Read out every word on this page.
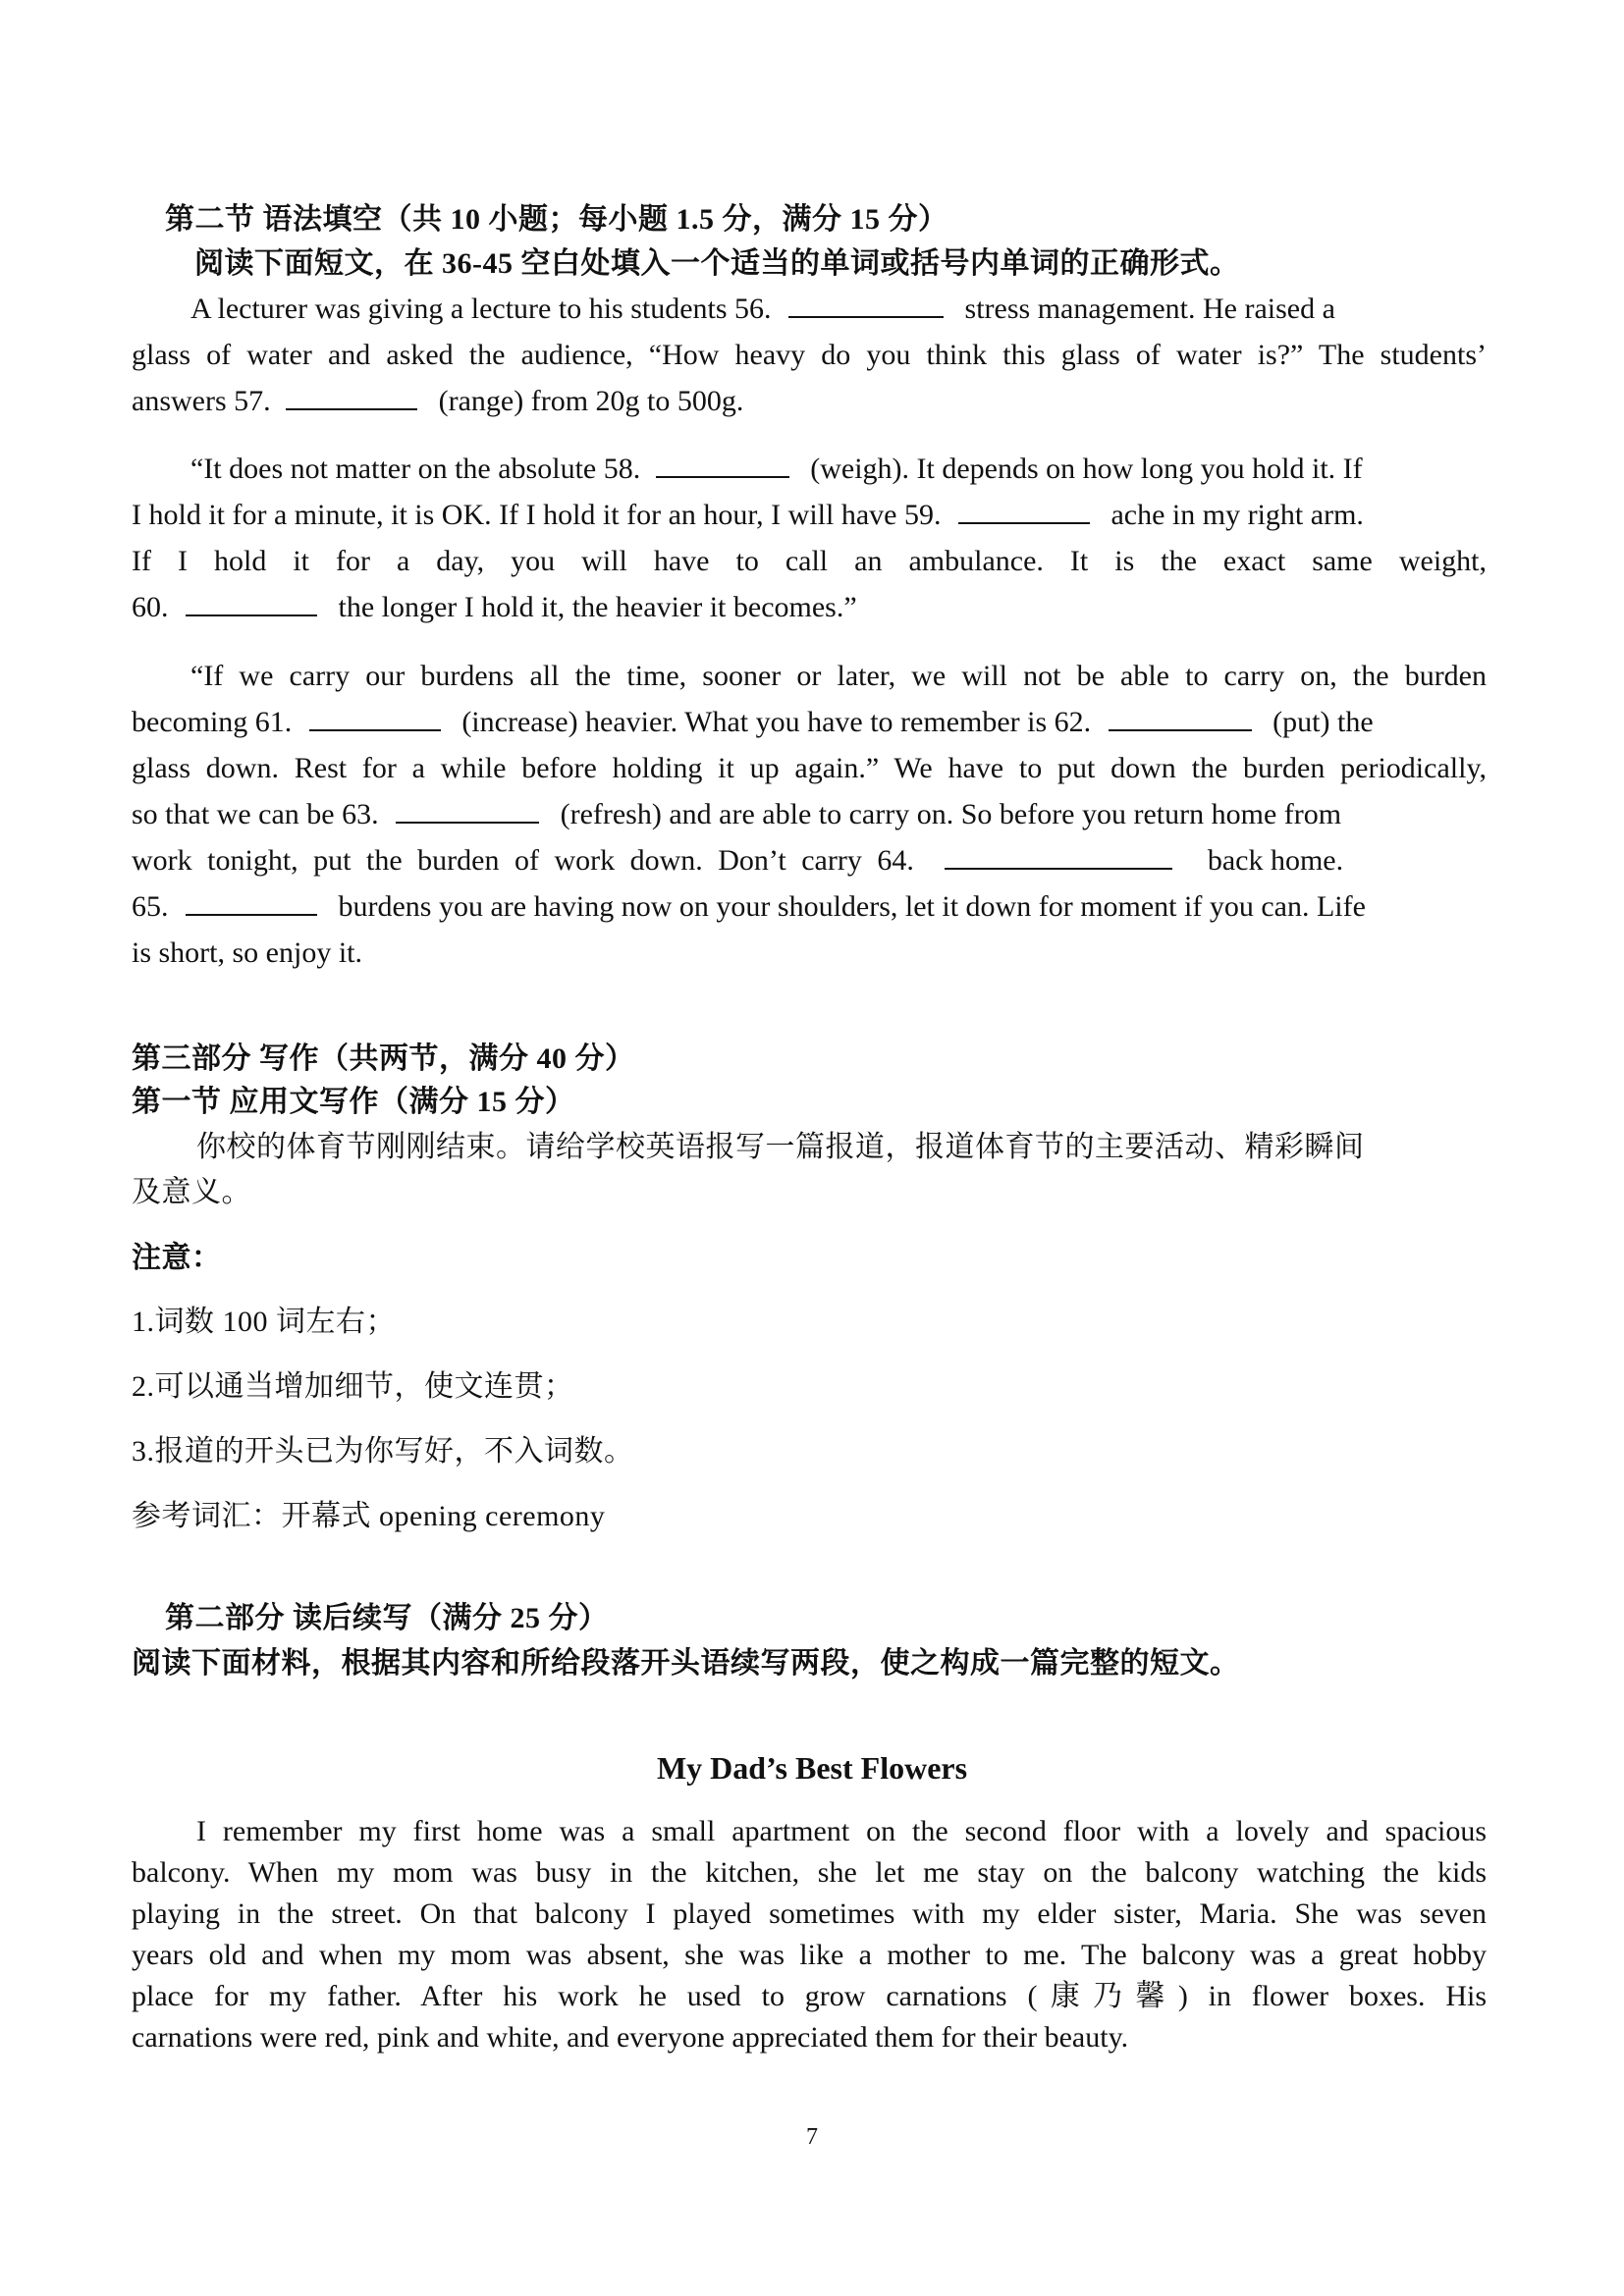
第二节 语法填空（共 10 小题；每小题 1.5 分，满分 15 分）
阅读下面短文，在 36-45 空白处填入一个适当的单词或括号内单词的正确形式。
A lecturer was giving a lecture to his students 56.	stress management. He raised a
glass of water and asked the audience, “How heavy do you think this glass of water is?” The students’
answers 57.	(range) from 20g to 500g.
“It does not matter on the absolute 58.	(weigh). It depends on how long you hold it. If
I hold it for a minute, it is OK. If I hold it for an hour, I will have 59.	ache in my right arm.
If I hold it for a day, you will have to call an ambulance. It is the exact same weight,
60.	the longer I hold it, the heavier it becomes.”
“If we carry our burdens all the time, sooner or later, we will not be able to carry on, the burden
becoming 61.	(increase) heavier. What you have to remember is 62.	(put) the
glass down. Rest for a while before holding it up again.” We have to put down the burden periodically,
so that we can be 63.	(refresh) and are able to carry on. So before you return home from
work tonight, put the burden of work down. Don’t carry 64.	back home.
65.	burdens you are having now on your shoulders, let it down for moment if you can. Life
is short, so enjoy it.
第三部分 写作（共两节，满分 40 分）
第一节 应用文写作（满分 15 分）
你校的体育节刚刚结束。请给学校英语报写一篇报道，报道体育节的主要活动、精彩瞬间
及意义。
注意：
1.词数 100 词左右；
2.可以通当增加细节，使文连贯；
3.报道的开头已为你写好，不入词数。
参考词汇：开幕式 opening ceremony
第二部分 读后续写（满分 25 分）
阅读下面材料，根据其内容和所给段落开头语续写两段，使之构成一篇完整的短文。
My Dad’s Best Flowers
I remember my first home was a small apartment on the second floor with a lovely and spacious
balcony. When my mom was busy in the kitchen, she let me stay on the balcony watching the kids
playing in the street. On that balcony I played sometimes with my elder sister, Maria. She was seven
years old and when my mom was absent, she was like a mother to me. The balcony was a great hobby
place for my father. After his work he used to grow carnations (康乃馨) in flower boxes. His
carnations were red, pink and white, and everyone appreciated them for their beauty.
7
